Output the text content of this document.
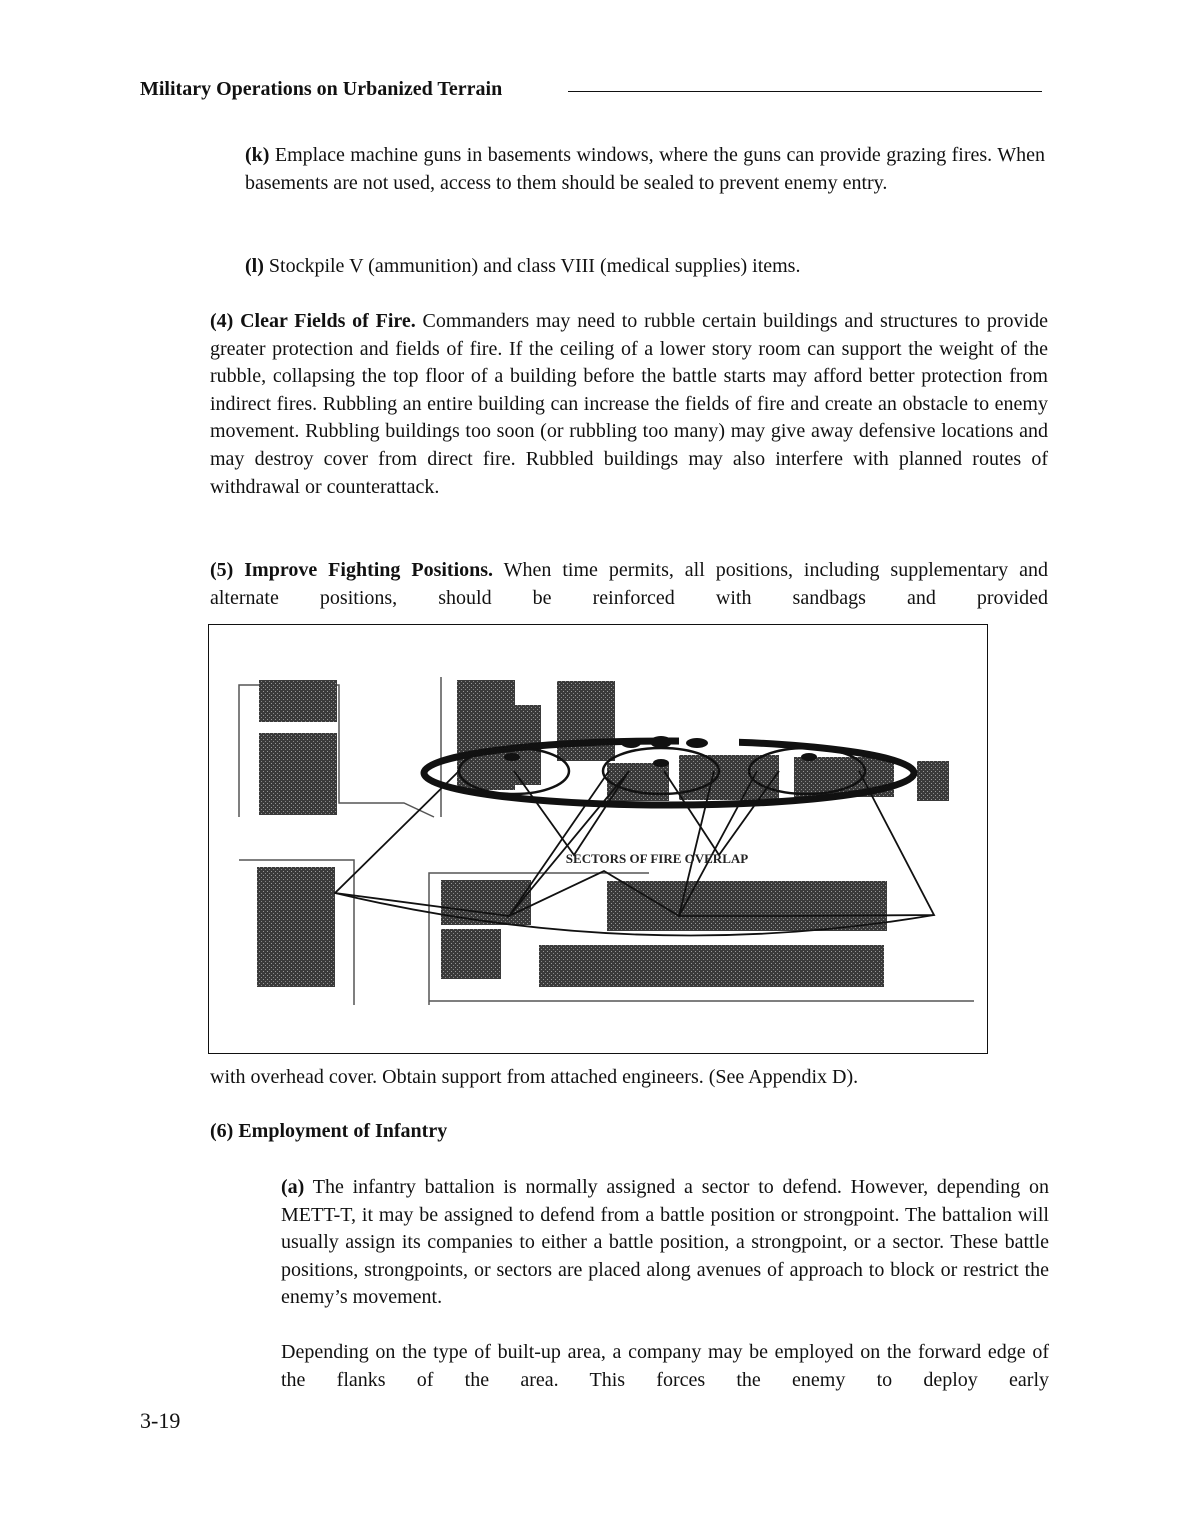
Military Operations on Urbanized Terrain

(k) Emplace machine guns in basements windows, where the guns can provide grazing fires. When basements are not used, access to them should be sealed to prevent enemy entry.

(l) Stockpile V (ammunition) and class VIII (medical supplies) items.

(4) Clear Fields of Fire. Commanders may need to rubble certain buildings and structures to provide greater protection and fields of fire. If the ceiling of a lower story room can support the weight of the rubble, collapsing the top floor of a building before the battle starts may afford better protection from indirect fires. Rubbling an entire building can increase the fields of fire and create an obstacle to enemy movement. Rubbling buildings too soon (or rubbling too many) may give away defensive locations and may destroy cover from direct fire. Rubbled buildings may also interfere with planned routes of withdrawal or counterattack.

(5) Improve Fighting Positions. When time permits, all positions, including supplementary and alternate positions, should be reinforced with sandbags and provided

SECTORS OF FIRE OVERLAP

with overhead cover. Obtain support from attached engineers. (See Appendix D).

(6) Employment of Infantry

(a) The infantry battalion is normally assigned a sector to defend. However, depending on METT-T, it may be assigned to defend from a battle position or strongpoint. The battalion will usually assign its companies to either a battle position, a strongpoint, or a sector. These battle positions, strongpoints, or sectors are placed along avenues of approach to block or restrict the enemy’s movement.

Depending on the type of built-up area, a company may be employed on the forward edge of the flanks of the area. This forces the enemy to deploy early

3-19
